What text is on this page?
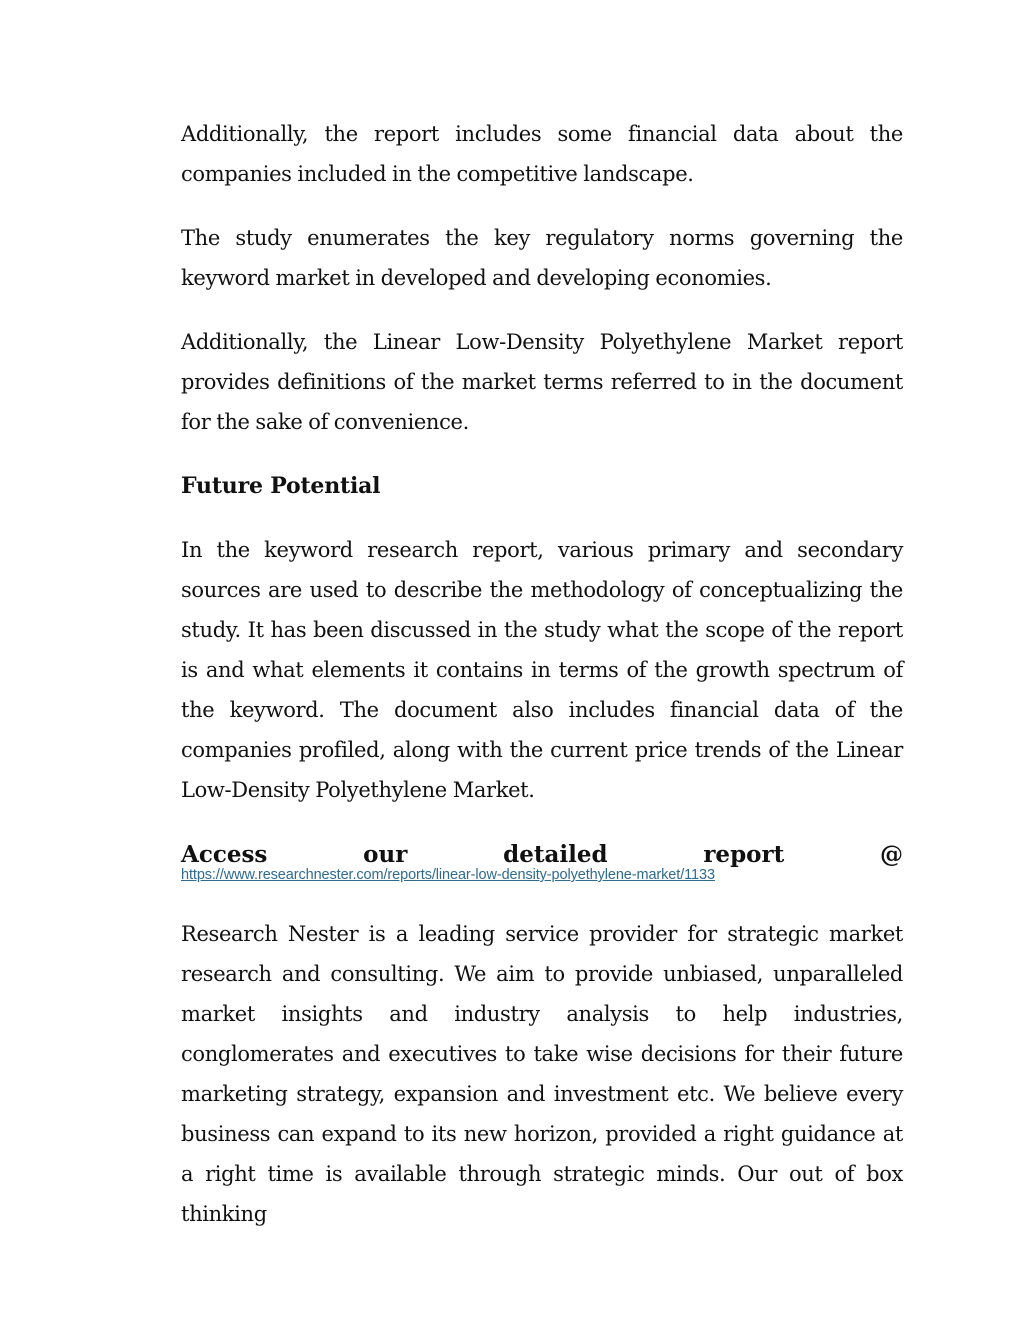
Additionally, the report includes some financial data about the companies included in the competitive landscape.

The study enumerates the key regulatory norms governing the keyword market in developed and developing economies.

Additionally, the Linear Low-Density Polyethylene Market report provides definitions of the market terms referred to in the document for the sake of convenience.

Future Potential

In the keyword research report, various primary and secondary sources are used to describe the methodology of conceptualizing the study. It has been discussed in the study what the scope of the report is and what elements it contains in terms of the growth spectrum of the keyword. The document also includes financial data of the companies profiled, along with the current price trends of the Linear Low-Density Polyethylene Market.

Access	our	detailed	report	@
https://www.researchnester.com/reports/linear-low-density-polyethylene-market/1133

Research Nester is a leading service provider for strategic market research and consulting. We aim to provide unbiased, unparalleled market insights and industry analysis to help industries, conglomerates and executives to take wise decisions for their future marketing strategy, expansion and investment etc. We believe every business can expand to its new horizon, provided a right guidance at a right time is available through strategic minds. Our out of box thinking
